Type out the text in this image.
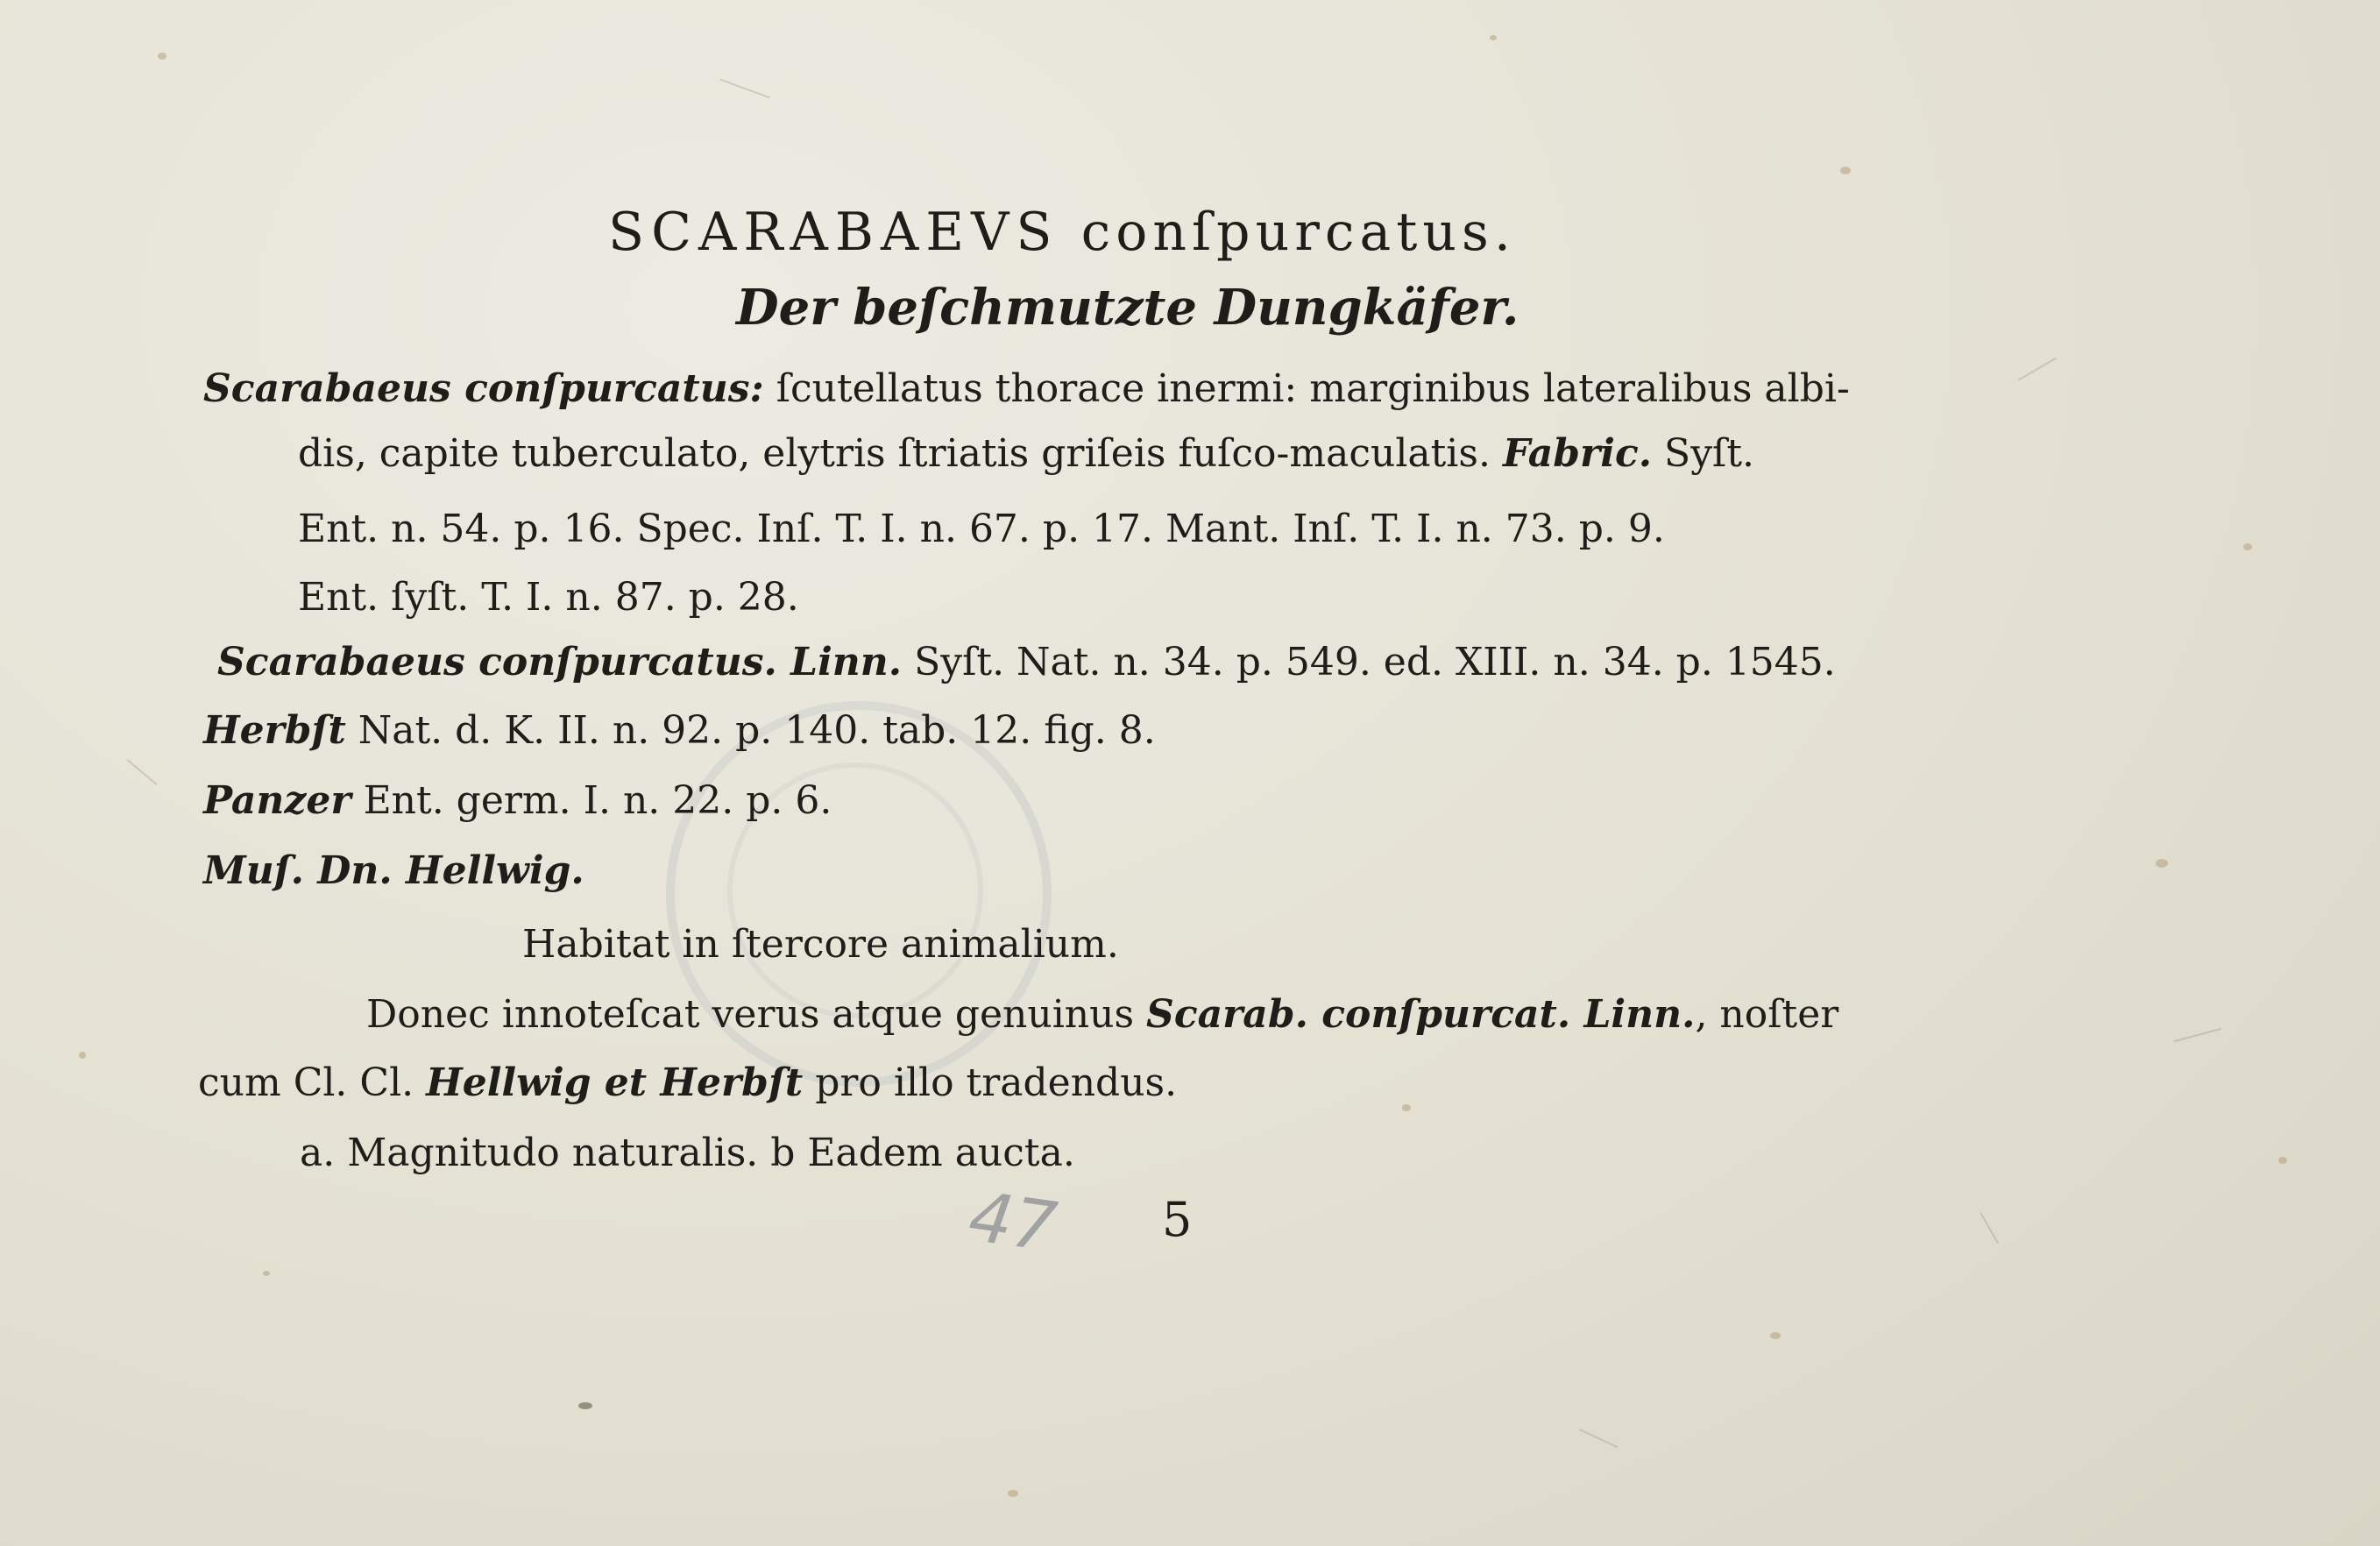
SCARABAEVS conſpurcatus.
Der beſchmutzte Dungkäfer.
Scarabaeus conſpurcatus: ſcutellatus thorace inermi: marginibus lateralibus albi-
dis, capite tuberculato, elytris ſtriatis griſeis fuſco-maculatis. Fabric. Syſt.
Ent. n. 54. p. 16. Spec. Inſ. T. I. n. 67. p. 17. Mant. Inſ. T. I. n. 73. p. 9.
Ent. ſyſt. T. I. n. 87. p. 28.
Scarabaeus conſpurcatus. Linn. Syſt. Nat. n. 34. p. 549. ed. XIII. n. 34. p. 1545.
Herbſt Nat. d. K. II. n. 92. p. 140. tab. 12. fig. 8.
Panzer Ent. germ. I. n. 22. p. 6.
Muſ. Dn. Hellwig.
Habitat in ſtercore animalium.
Donec innoteſcat verus atque genuinus Scarab. conſpurcat. Linn., noſter
cum Cl. Cl. Hellwig et Herbſt pro illo tradendus.
a. Magnitudo naturalis. b Eadem aucta.
47 5
